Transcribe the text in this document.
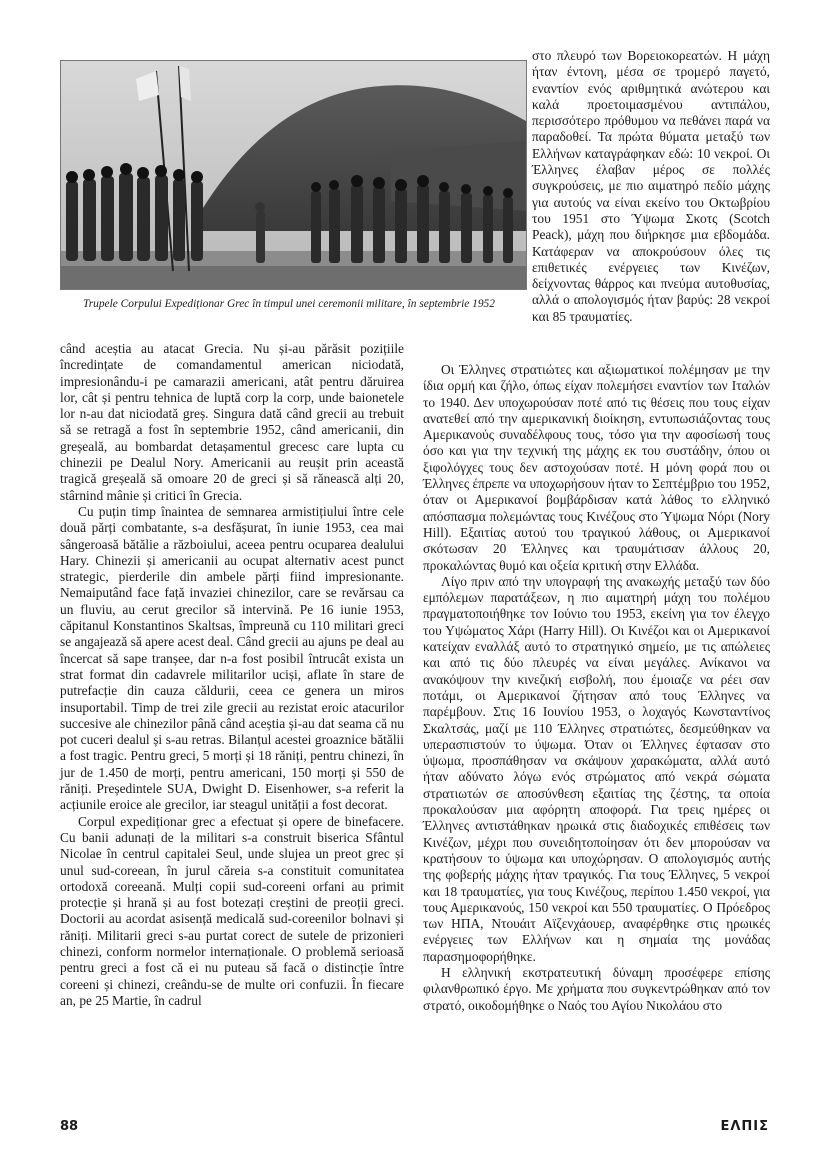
Trupele Corpului Expediționar Grec în timpul unei ceremonii militare, în septembrie 1952

στο πλευρό των Βορειοκορεατών. Η μάχη ήταν έντονη, μέσα σε τρομερό παγετό, εναντίον ενός αριθμητικά ανώτερου και καλά προετοιμασμένου αντιπάλου, περισσότερο πρόθυμου να πεθάνει παρά να παραδοθεί. Τα πρώτα θύματα μεταξύ των Ελλήνων καταγράφηκαν εδώ: 10 νεκροί. Οι Έλληνες έλαβαν μέρος σε πολλές συγκρούσεις, με πιο αιματηρό πεδίο μάχης για αυτούς να είναι εκείνο του Οκτωβρίου του 1951 στο Ύψωμα Σκοτς (Scotch Peack), μάχη που διήρκησε μια εβδομάδα. Κατάφεραν να αποκρούσουν όλες τις επιθετικές ενέργειες των Κινέζων, δείχνοντας θάρρος και πνεύμα αυτοθυσίας, αλλά ο απολογισμός ήταν βαρύς: 28 νεκροί και 85 τραυματίες.

când aceștia au atacat Grecia. Nu și-au părăsit pozițiile încredințate de comandamentul american niciodată, impresionându-i pe camarazii americani, atât pentru dăruirea lor, cât și pentru tehnica de luptă corp la corp, unde baionetele lor n-au dat niciodată greș. Singura dată când grecii au trebuit să se retragă a fost în septembrie 1952, când americanii, din greșeală, au bombardat detașamentul grecesc care lupta cu chinezii pe Dealul Nory. Americanii au reușit prin această tragică greșeală să omoare 20 de greci și să rănească alți 20, stârnind mânie și critici în Grecia.

Cu puțin timp înaintea de semnarea armistițiului între cele două părți combatante, s-a desfășurat, în iunie 1953, cea mai sângeroasă bătălie a războiului, aceea pentru ocuparea dealului Hary. Chinezii și americanii au ocupat alternativ acest punct strategic, pierderile din ambele părți fiind impresionante. Nemaiputând face față invaziei chinezilor, care se revărsau ca un fluviu, au cerut grecilor să intervină. Pe 16 iunie 1953, căpitanul Konstantinos Skaltsas, împreună cu 110 militari greci se angajează să apere acest deal. Când grecii au ajuns pe deal au încercat să sape tranșee, dar n-a fost posibil întrucât exista un strat format din cadavrele militarilor uciși, aflate în stare de putrefacție din cauza căldurii, ceea ce genera un miros insuportabil. Timp de trei zile grecii au rezistat eroic atacurilor succesive ale chinezilor până când aceștia și-au dat seama că nu pot cuceri dealul și s-au retras. Bilanțul acestei groaznice bătălii a fost tragic. Pentru greci, 5 morți și 18 răniți, pentru chinezi, în jur de 1.450 de morți, pentru americani, 150 morți și 550 de răniți. Președintele SUA, Dwight D. Eisenhower, s-a referit la acțiunile eroice ale grecilor, iar steagul unității a fost decorat.

Corpul expediționar grec a efectuat și opere de binefacere. Cu banii adunați de la militari s-a construit biserica Sfântul Nicolae în centrul capitalei Seul, unde slujea un preot grec și unul sud-coreean, în jurul căreia s-a constituit comunitatea ortodoxă coreeană. Mulți copii sud-coreeni orfani au primit protecție și hrană și au fost botezați creștini de preoții greci. Doctorii au acordat asisență medicală sud-coreenilor bolnavi și răniți. Militarii greci s-au purtat corect de sutele de prizonieri chinezi, conform normelor internaționale. O problemă serioasă pentru greci a fost că ei nu puteau să facă o distincție între coreeni și chinezi, creându-se de multe ori confuzii. În fiecare an, pe 25 Martie, în cadrul

Οι Έλληνες στρατιώτες και αξιωματικοί πολέμησαν με την ίδια ορμή και ζήλο, όπως είχαν πολεμήσει εναντίον των Ιταλών το 1940. Δεν υποχωρούσαν ποτέ από τις θέσεις που τους είχαν ανατεθεί από την αμερικανική διοίκηση, εντυπωσιάζοντας τους Αμερικανούς συναδέλφους τους, τόσο για την αφοσίωσή τους όσο και για την τεχνική της μάχης εκ του συστάδην, όπου οι ξιφολόγχες τους δεν αστοχούσαν ποτέ. Η μόνη φορά που οι Έλληνες έπρεπε να υποχωρήσουν ήταν το Σεπτέμβριο του 1952, όταν οι Αμερικανοί βομβάρδισαν κατά λάθος το ελληνικό απόσπασμα πολεμώντας τους Κινέζους στο Ύψωμα Νόρι (Nory Hill). Εξαιτίας αυτού του τραγικού λάθους, οι Αμερικανοί σκότωσαν 20 Έλληνες και τραυμάτισαν άλλους 20, προκαλώντας θυμό και οξεία κριτική στην Ελλάδα.

Λίγο πριν από την υπογραφή της ανακωχής μεταξύ των δύο εμπόλεμων παρατάξεων, η πιο αιματηρή μάχη του πολέμου πραγματοποιήθηκε τον Ιούνιο του 1953, εκείνη για τον έλεγχο του Υψώματος Χάρι (Harry Hill). Οι Κινέζοι και οι Αμερικανοί κατείχαν εναλλάξ αυτό το στρατηγικό σημείο, με τις απώλειες και από τις δύο πλευρές να είναι μεγάλες. Ανίκανοι να ανακόψουν την κινεζική εισβολή, που έμοιαζε να ρέει σαν ποτάμι, οι Αμερικανοί ζήτησαν από τους Έλληνες να παρέμβουν. Στις 16 Ιουνίου 1953, ο λοχαγός Κωνσταντίνος Σκαλτσάς, μαζί με 110 Έλληνες στρατιώτες, δεσμεύθηκαν να υπερασπιστούν το ύψωμα. Όταν οι Έλληνες έφτασαν στο ύψωμα, προσπάθησαν να σκάψουν χαρακώματα, αλλά αυτό ήταν αδύνατο λόγω ενός στρώματος από νεκρά σώματα στρατιωτών σε αποσύνθεση εξαιτίας της ζέστης, τα οποία προκαλούσαν μια αφόρητη αποφορά. Για τρεις ημέρες οι Έλληνες αντιστάθηκαν ηρωικά στις διαδοχικές επιθέσεις των Κινέζων, μέχρι που συνειδητοποίησαν ότι δεν μπορούσαν να κρατήσουν το ύψωμα και υποχώρησαν. Ο απολογισμός αυτής της φοβερής μάχης ήταν τραγικός. Για τους Έλληνες, 5 νεκροί και 18 τραυματίες, για τους Κινέζους, περίπου 1.450 νεκροί, για τους Αμερικανούς, 150 νεκροί και 550 τραυματίες. Ο Πρόεδρος των ΗΠΑ, Ντουάιτ Αϊζενχάουερ, αναφέρθηκε στις ηρωικές ενέργειες των Ελλήνων και η σημαία της μονάδας παρασημοφορήθηκε.

Η ελληνική εκστρατευτική δύναμη προσέφερε επίσης φιλανθρωπικό έργο. Με χρήματα που συγκεντρώθηκαν από τον στρατό, οικοδομήθηκε ο Ναός του Αγίου Νικολάου στο

88	ΕΛΠΙΣ
